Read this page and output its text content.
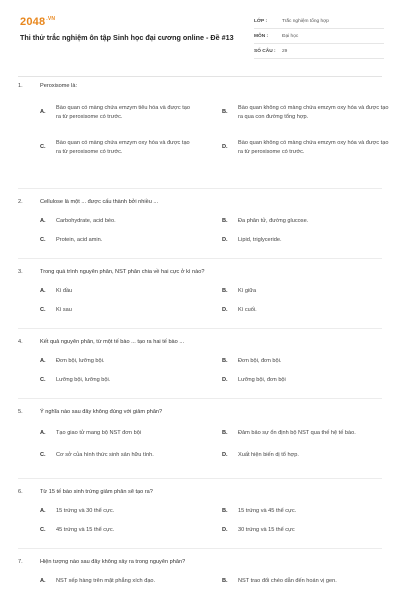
$2048^{.VN}$
Thi thử trắc nghiệm ôn tập Sinh học đại cương online - Đề #13
LỚP :	Trắc nghiệm tổng hợp
MÔN :	Đại học
SỐ CÂU :	29
1.	Peroxisome là:
A.
Bào quan có màng chứa emzym tiêu hóa và được tạo ra từ peroxisome có trước.
B.
Bào quan không có màng chứa emzym oxy hóa và được tạo ra qua con đường tổng hợp.
C.
Bào quan có màng chứa emzym oxy hóa và được tạo ra từ peroxisome có trước.
D.
Bào quan không có màng chứa emzym oxy hóa và được tạo ra từ peroxisome có trước.
2.	Cellulose là một ... được cấu thành bởi nhiều ...
A.	Carbohydrate, acid béo.	B.	Đa phân tử, đường glucose.
C.	Protein, acid amin.	D.	Lipid, triglyceride.
3.	Trong quá trình nguyên phân, NST phân chia về hai cực ở kì nào?
A.	Kì đầu	B.	Kì giữa
C.	Kì sau	D.	Kì cuối.
4.	Kết quả nguyên phân, từ một tế bào ... tạo ra hai tế bào ...
A.	Đơn bội, lưỡng bội.	B.	Đơn bội, đơn bội.
C.	Lưỡng bội, lưỡng bội.	D.	Lưỡng bội, đơn bội
5.	Ý nghĩa nào sau đây không đúng với giảm phân?
A.	Tạo giao tử mang bộ NST đơn bội	B.	Đảm bảo sự ổn định bộ NST qua thế hệ tế bào.
C.	Cơ sở của hình thức sinh sản hữu tính.	D.	Xuất hiện biến dị tổ hợp.
6.	Từ 15 tế bào sinh trứng giảm phân sẽ tạo ra?
A.	15 trứng và 30 thể cực.	B.	15 trứng và 45 thể cực.
C.	45 trứng và 15 thể cực.	D.	30 trứng và 15 thể cực
7.	Hiện tượng nào sau đây không xảy ra trong nguyên phân?
A.	NST xếp hàng trên mặt phẳng xích đạo.	B.	NST trao đổi chéo dẫn đến hoán vị gen.
